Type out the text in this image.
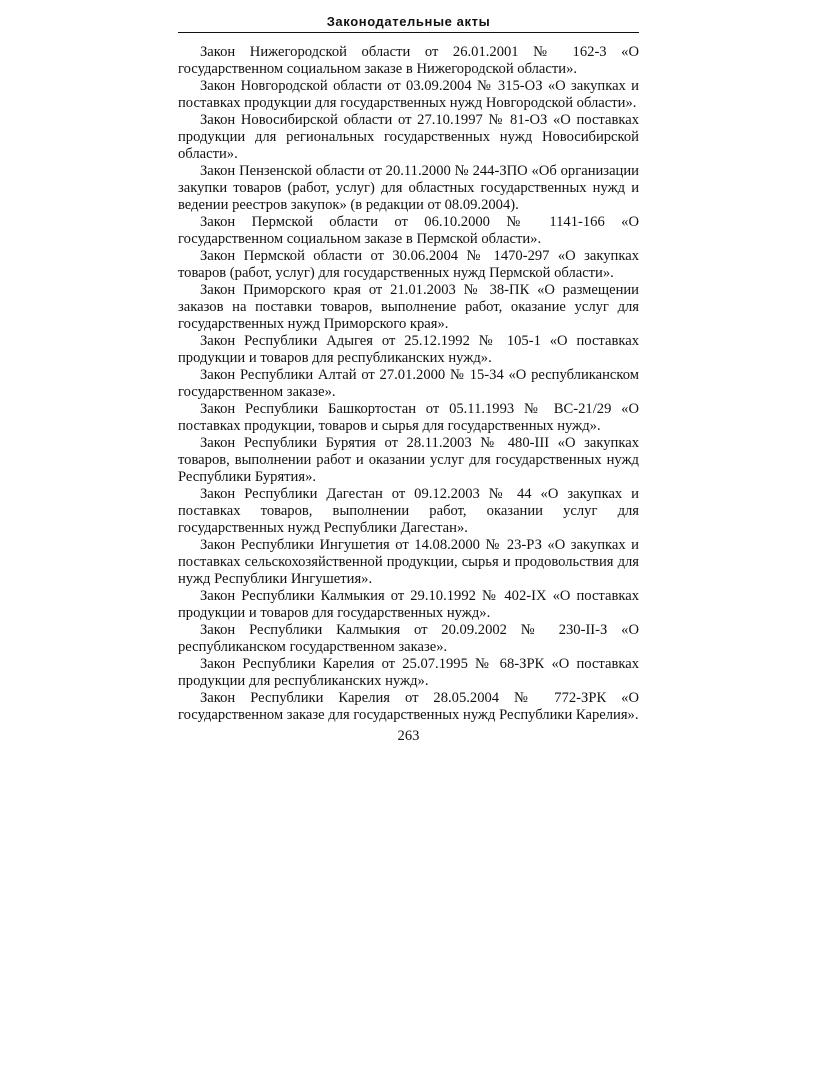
Законодательные акты

Закон Нижегородской области от 26.01.2001 № 162-3 «О государственном социальном заказе в Нижегородской области».

Закон Новгородской области от 03.09.2004 № 315-ОЗ «О закупках и поставках продукции для государственных нужд Новгородской области».

Закон Новосибирской области от 27.10.1997 № 81-ОЗ «О поставках продукции для региональных государственных нужд Новосибирской области».

Закон Пензенской области от 20.11.2000 № 244-ЗПО «Об организации закупки товаров (работ, услуг) для областных государственных нужд и ведении реестров закупок» (в редакции от 08.09.2004).

Закон Пермской области от 06.10.2000 № 1141-166 «О государственном социальном заказе в Пермской области».

Закон Пермской области от 30.06.2004 № 1470-297 «О закупках товаров (работ, услуг) для государственных нужд Пермской области».

Закон Приморского края от 21.01.2003 № 38-ПК «О размещении заказов на поставки товаров, выполнение работ, оказание услуг для государственных нужд Приморского края».

Закон Республики Адыгея от 25.12.1992 № 105-1 «О поставках продукции и товаров для республиканских нужд».

Закон Республики Алтай от 27.01.2000 № 15-34 «О республиканском государственном заказе».

Закон Республики Башкортостан от 05.11.1993 № ВС-21/29 «О поставках продукции, товаров и сырья для государственных нужд».

Закон Республики Бурятия от 28.11.2003 № 480-III «О закупках товаров, выполнении работ и оказании услуг для государственных нужд Республики Бурятия».

Закон Республики Дагестан от 09.12.2003 № 44 «О закупках и поставках товаров, выполнении работ, оказании услуг для государственных нужд Республики Дагестан».

Закон Республики Ингушетия от 14.08.2000 № 23-РЗ «О закупках и поставках сельскохозяйственной продукции, сырья и продовольствия для нужд Республики Ингушетия».

Закон Республики Калмыкия от 29.10.1992 № 402-IX «О поставках продукции и товаров для государственных нужд».

Закон Республики Калмыкия от 20.09.2002 № 230-II-З «О республиканском государственном заказе».

Закон Республики Карелия от 25.07.1995 № 68-ЗРК «О поставках продукции для республиканских нужд».

Закон Республики Карелия от 28.05.2004 № 772-ЗРК «О государственном заказе для государственных нужд Республики Карелия».

263
